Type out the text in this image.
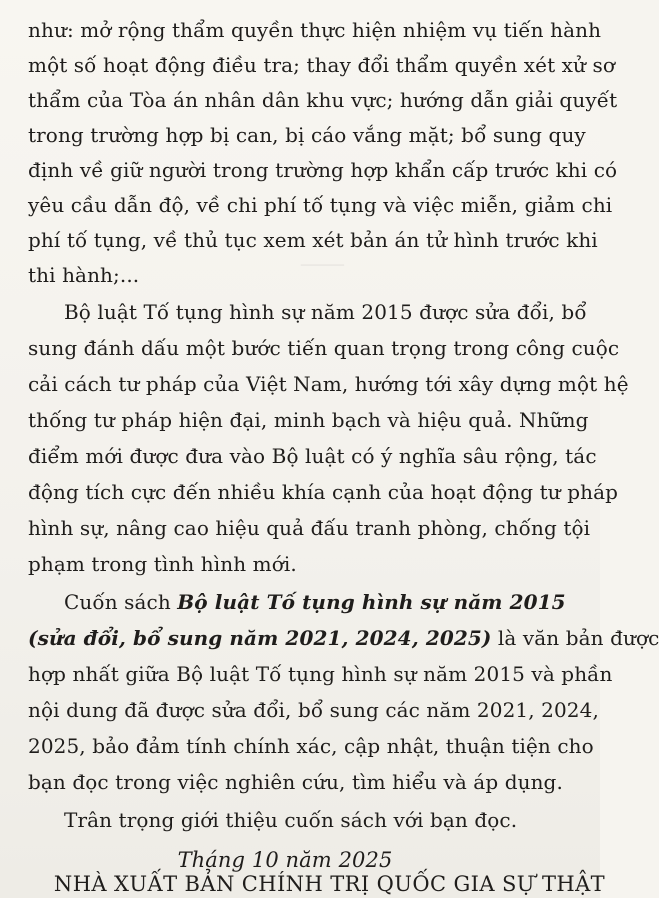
⸻
như: mở rộng thẩm quyền thực hiện nhiệm vụ tiến hành
một số hoạt động điều tra; thay đổi thẩm quyền xét xử sơ
thẩm của Tòa án nhân dân khu vực; hướng dẫn giải quyết
trong trường hợp bị can, bị cáo vắng mặt; bổ sung quy
định về giữ người trong trường hợp khẩn cấp trước khi có
yêu cầu dẫn độ, về chi phí tố tụng và việc miễn, giảm chi
phí tố tụng, về thủ tục xem xét bản án tử hình trước khi
thi hành;...
Bộ luật Tố tụng hình sự năm 2015 được sửa đổi, bổ
sung đánh dấu một bước tiến quan trọng trong công cuộc
cải cách tư pháp của Việt Nam, hướng tới xây dựng một hệ
thống tư pháp hiện đại, minh bạch và hiệu quả. Những
điểm mới được đưa vào Bộ luật có ý nghĩa sâu rộng, tác
động tích cực đến nhiều khía cạnh của hoạt động tư pháp
hình sự, nâng cao hiệu quả đấu tranh phòng, chống tội
phạm trong tình hình mới.
Cuốn sách Bộ luật Tố tụng hình sự năm 2015
(sửa đổi, bổ sung năm 2021, 2024, 2025) là văn bản được
hợp nhất giữa Bộ luật Tố tụng hình sự năm 2015 và phần
nội dung đã được sửa đổi, bổ sung các năm 2021, 2024,
2025, bảo đảm tính chính xác, cập nhật, thuận tiện cho
bạn đọc trong việc nghiên cứu, tìm hiểu và áp dụng.
Trân trọng giới thiệu cuốn sách với bạn đọc.
Tháng 10 năm 2025
NHÀ XUẤT BẢN CHÍNH TRỊ QUỐC GIA SỰ THẬT
